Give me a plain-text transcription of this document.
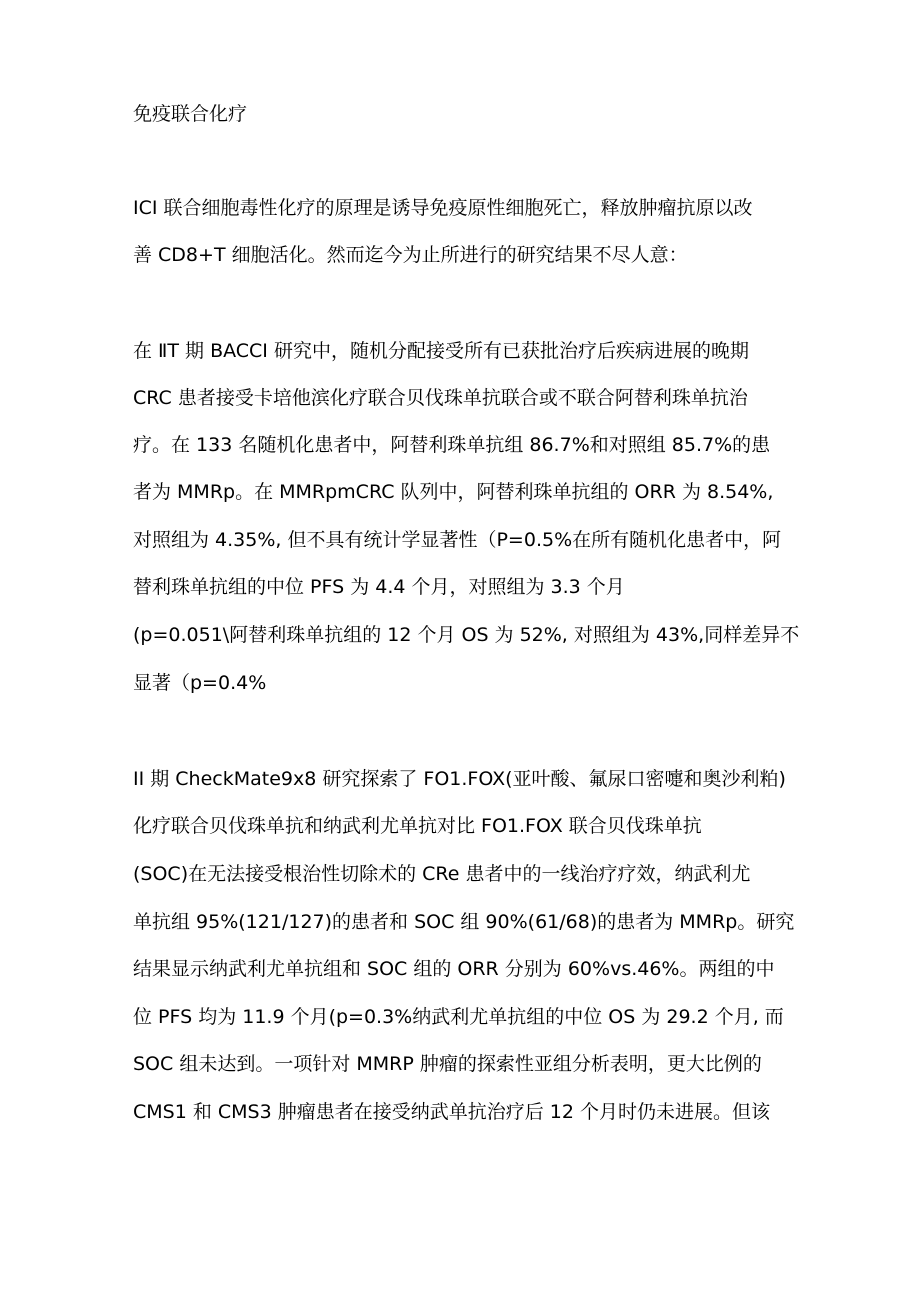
免疫联合化疗
ICI 联合细胞毒性化疗的原理是诱导免疫原性细胞死亡，释放肿瘤抗原以改
善 CD8+T 细胞活化。然而迄今为止所进行的研究结果不尽人意：
在 ⅡT 期 BACCI 研究中，随机分配接受所有已获批治疗后疾病进展的晚期
CRC 患者接受卡培他滨化疗联合贝伐珠单抗联合或不联合阿替利珠单抗治
疗。在 133 名随机化患者中，阿替利珠单抗组 86.7%和对照组 85.7%的患
者为 MMRp。在 MMRpmCRC 队列中，阿替利珠单抗组的 ORR 为 8.54%,
对照组为 4.35%, 但不具有统计学显著性（P=0.5%在所有随机化患者中，阿
替利珠单抗组的中位 PFS 为 4.4 个月，对照组为 3.3 个月
(p=0.051\阿替利珠单抗组的 12 个月 OS 为 52%, 对照组为 43%,同样差异不
显著（p=0.4%
II 期 CheckMate9x8 研究探索了 FO1.FOX(亚叶酸、氟尿口密嚏和奥沙利粕)
化疗联合贝伐珠单抗和纳武利尤单抗对比 FO1.FOX 联合贝伐珠单抗
(SOC)在无法接受根治性切除术的 CRe 患者中的一线治疗疗效，纳武利尤
单抗组 95%(121/127)的患者和 SOC 组 90%(61/68)的患者为 MMRp。研究
结果显示纳武利尤单抗组和 SOC 组的 ORR 分别为 60%vs.46%。两组的中
位 PFS 均为 11.9 个月(p=0.3%纳武利尤单抗组的中位 OS 为 29.2 个月, 而
SOC 组未达到。一项针对 MMRP 肿瘤的探索性亚组分析表明，更大比例的
CMS1 和 CMS3 肿瘤患者在接受纳武单抗治疗后 12 个月时仍未进展。但该
